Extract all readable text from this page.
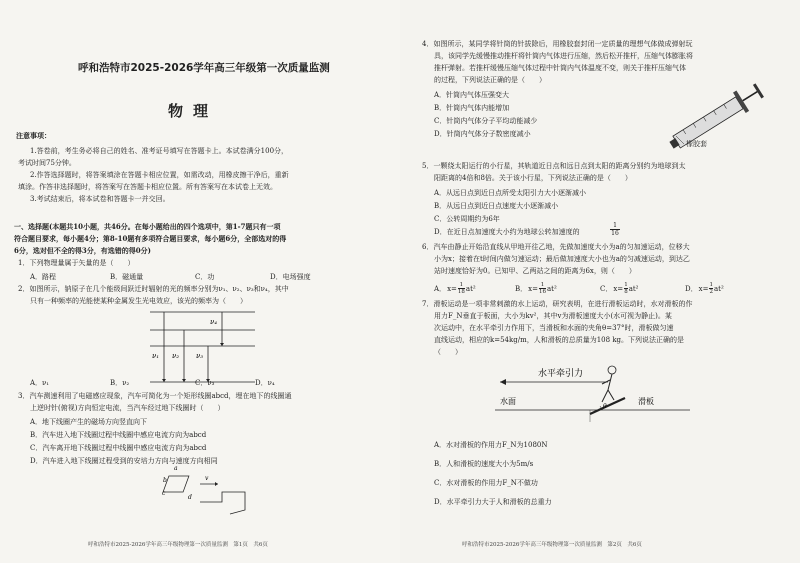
呼和浩特市2025-2026学年高三年级第一次质量监测
物理
注意事项：
1.答卷前，考生务必将自己的姓名、准考证号填写在答题卡上。本试卷满分100分，
考试时间75分钟。
2.作答选择题时，将答案填涂在答题卡相应位置，如需改动，用橡皮擦干净后，重新
填涂。作答非选择题时，将答案写在答题卡相应位置。所有答案写在本试卷上无效。
3.考试结束后，将本试卷和答题卡一并交回。
一、选择题(本题共10小题，共46分。在每小题给出的四个选项中，第1-7题只有一项
符合题目要求，每小题4分；第8-10题有多项符合题目要求，每小题6分，全部选对的得
6分，选对但不全的得3分，有选错的得0分)
1．下列物理量属于矢量的是（　　）
A．路程	B．磁通量	C．功	D．电场强度
2．如图所示，钠原子在几个能级间跃迁时辐射的光的频率分别为ν₁、ν₂、ν₃和ν₄，其中
只有一种频率的光能使某种金属发生光电效应，该光的频率为（　　）
ν₄
ν₂
ν₁	ν₃
A．ν₁	B．ν₂	C．ν₃	D．ν₄
3．汽车测速利用了电磁感应现象，汽车可简化为一个矩形线圈abcd，埋在地下的线圈通
上逆时针(俯视)方向恒定电流，当汽车经过地下线圈时（　　）
A．地下线圈产生的磁场方向竖直向下
B．汽车进入地下线圈过程中线圈中感应电流方向为abcd
C．汽车离开地下线圈过程中线圈中感应电流方向为abcd
D．汽车进入地下线圈过程受到的安培力方向与速度方向相同
a
b
c
d
v
呼和浩特市2025-2026学年高三年级物理第一次质量监测　第1页　共6页
4．如图所示，某同学将针筒的针拔除后，用橡胶套封闭一定质量的理想气体做成弹射玩
具，该同学先缓慢推动推杆将针筒内气体进行压缩，然后松开推杆，压缩气体膨胀将
推杆弹射。若推杆缓慢压缩气体过程中针筒内气体温度不变，则关于推杆压缩气体
的过程，下列说法正确的是（　　）
A．针筒内气体压强变大
B．针筒内气体内能增加
C．针筒内气体分子平均动能减少
D．针筒内气体分子数密度减小
橡胶套
5．一颗绕太阳运行的小行星，其轨道近日点和远日点到太阳的距离分别约为地球到太
阳距离的4倍和8倍。关于该小行星，下列说法正确的是（　　）
A．从远日点到近日点所受太阳引力大小逐渐减小
B．从远日点到近日点速度大小逐渐减小
C．公转周期约为6年
D．在近日点加速度大小约为地球公转加速度的	$\frac{1}{16}$
6．汽车由静止开始沿直线从甲地开往乙地，先做加速度大小为a的匀加速运动，位移大
小为x；接着在t时间内做匀速运动；最后做加速度大小也为a的匀减速运动，到达乙
站时速度恰好为0。已知甲、乙两站之间的距离为6x，则（　　）
A． $x= \frac{1}{18} at^2$	B． $x= \frac{1}{16} at^2$	C． $x= \frac{1}{8} at^2$	D． $x= \frac{1}{2} at^2$
7．滑板运动是一项非常刺激的水上运动，研究表明，在进行滑板运动时，水对滑板的作
用力F_N垂直于板面，大小为kv²，其中v为滑板速度大小(水可视为静止)。某
次运动中，在水平牵引力作用下，当滑板和水面的夹角θ=37°时，滑板做匀速
直线运动，相应的k=54kg/m，人和滑板的总质量为108 kg。下列说法正确的是
（　　）
水平牵引力
水面	滑板
θ
A．水对滑板的作用力F_N为1080N
B．人和滑板的速度大小为5m/s
C．水对滑板的作用力F_N不做功
D．水平牵引力大于人和滑板的总重力
呼和浩特市2025-2026学年高三年级物理第一次质量监测　第2页　共6页
